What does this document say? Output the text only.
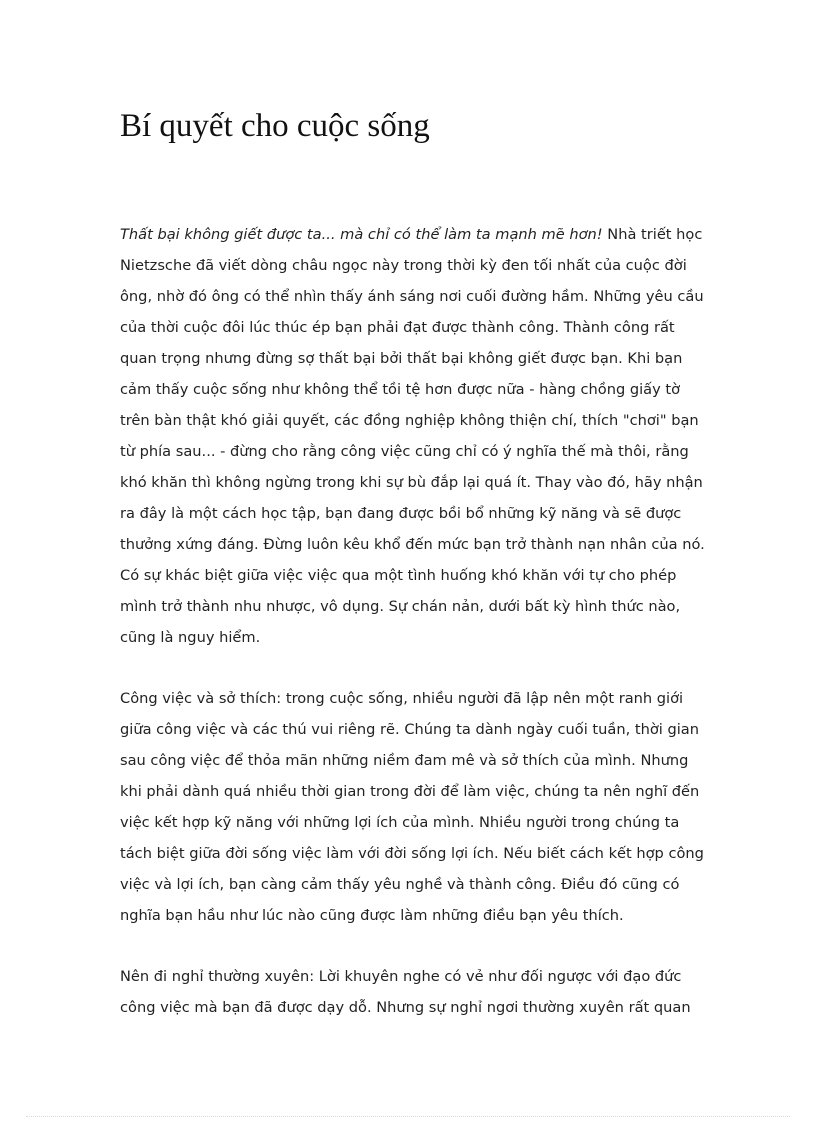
Bí quyết cho cuộc sống
Thất bại không giết được ta... mà chỉ có thể làm ta mạnh mẽ hơn! Nhà triết học
Nietzsche đã viết dòng châu ngọc này trong thời kỳ đen tối nhất của cuộc đời
ông, nhờ đó ông có thể nhìn thấy ánh sáng nơi cuối đường hầm. Những yêu cầu
của thời cuộc đôi lúc thúc ép bạn phải đạt được thành công. Thành công rất
quan trọng nhưng đừng sợ thất bại bởi thất bại không giết được bạn. Khi bạn
cảm thấy cuộc sống như không thể tồi tệ hơn được nữa - hàng chồng giấy tờ
trên bàn thật khó giải quyết, các đồng nghiệp không thiện chí, thích "chơi" bạn
từ phía sau... - đừng cho rằng công việc cũng chỉ có ý nghĩa thế mà thôi, rằng
khó khăn thì không ngừng trong khi sự bù đắp lại quá ít. Thay vào đó, hãy nhận
ra đây là một cách học tập, bạn đang được bồi bổ những kỹ năng và sẽ được
thưởng xứng đáng. Đừng luôn kêu khổ đến mức bạn trở thành nạn nhân của nó.
Có sự khác biệt giữa việc việc qua một tình huống khó khăn với tự cho phép
mình trở thành nhu nhược, vô dụng. Sự chán nản, dưới bất kỳ hình thức nào,
cũng là nguy hiểm.
Công việc và sở thích: trong cuộc sống, nhiều người đã lập nên một ranh giới
giữa công việc và các thú vui riêng rẽ. Chúng ta dành ngày cuối tuần, thời gian
sau công việc để thỏa mãn những niềm đam mê và sở thích của mình. Nhưng
khi phải dành quá nhiều thời gian trong đời để làm việc, chúng ta nên nghĩ đến
việc kết hợp kỹ năng với những lợi ích của mình. Nhiều người trong chúng ta
tách biệt giữa đời sống việc làm với đời sống lợi ích. Nếu biết cách kết hợp công
việc và lợi ích, bạn càng cảm thấy yêu nghề và thành công. Điều đó cũng có
nghĩa bạn hầu như lúc nào cũng được làm những điều bạn yêu thích.
Nên đi nghỉ thường xuyên: Lời khuyên nghe có vẻ như đối ngược với đạo đức
công việc mà bạn đã được dạy dỗ. Nhưng sự nghỉ ngơi thường xuyên rất quan
